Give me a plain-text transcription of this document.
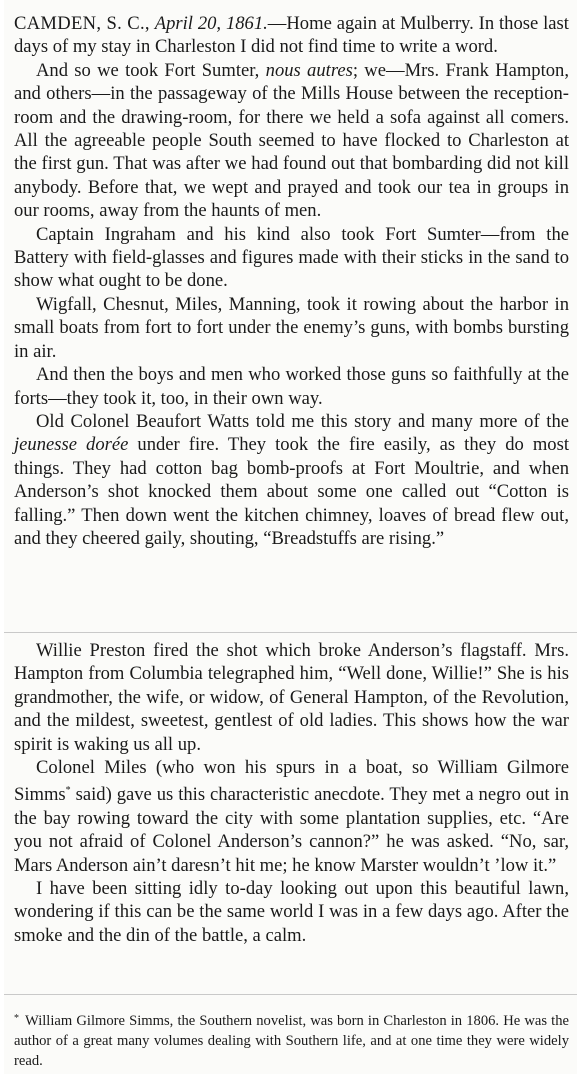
CAMDEN, S. C., April 20, 1861.—Home again at Mulberry. In those last days of my stay in Charleston I did not find time to write a word.

And so we took Fort Sumter, nous autres; we—Mrs. Frank Hampton, and others—in the passageway of the Mills House between the reception-room and the drawing-room, for there we held a sofa against all comers. All the agreeable people South seemed to have flocked to Charleston at the first gun. That was after we had found out that bombarding did not kill anybody. Before that, we wept and prayed and took our tea in groups in our rooms, away from the haunts of men.

Captain Ingraham and his kind also took Fort Sumter—from the Battery with field-glasses and figures made with their sticks in the sand to show what ought to be done.

Wigfall, Chesnut, Miles, Manning, took it rowing about the harbor in small boats from fort to fort under the enemy’s guns, with bombs bursting in air.

And then the boys and men who worked those guns so faithfully at the forts—they took it, too, in their own way.

Old Colonel Beaufort Watts told me this story and many more of the jeunesse dorée under fire. They took the fire easily, as they do most things. They had cotton bag bomb-proofs at Fort Moultrie, and when Anderson’s shot knocked them about some one called out “Cotton is falling.” Then down went the kitchen chimney, loaves of bread flew out, and they cheered gaily, shouting, “Breadstuffs are rising.”

Willie Preston fired the shot which broke Anderson’s flagstaff. Mrs. Hampton from Columbia telegraphed him, “Well done, Willie!” She is his grandmother, the wife, or widow, of General Hampton, of the Revolution, and the mildest, sweetest, gentlest of old ladies. This shows how the war spirit is waking us all up.

Colonel Miles (who won his spurs in a boat, so William Gilmore Simms* said) gave us this characteristic anecdote. They met a negro out in the bay rowing toward the city with some plantation supplies, etc. “Are you not afraid of Colonel Anderson’s cannon?” he was asked. “No, sar, Mars Anderson ain’t daresn’t hit me; he know Marster wouldn’t ’low it.”

I have been sitting idly to-day looking out upon this beautiful lawn, wondering if this can be the same world I was in a few days ago. After the smoke and the din of the battle, a calm.

* William Gilmore Simms, the Southern novelist, was born in Charleston in 1806. He was the author of a great many volumes dealing with Southern life, and at one time they were widely read.
